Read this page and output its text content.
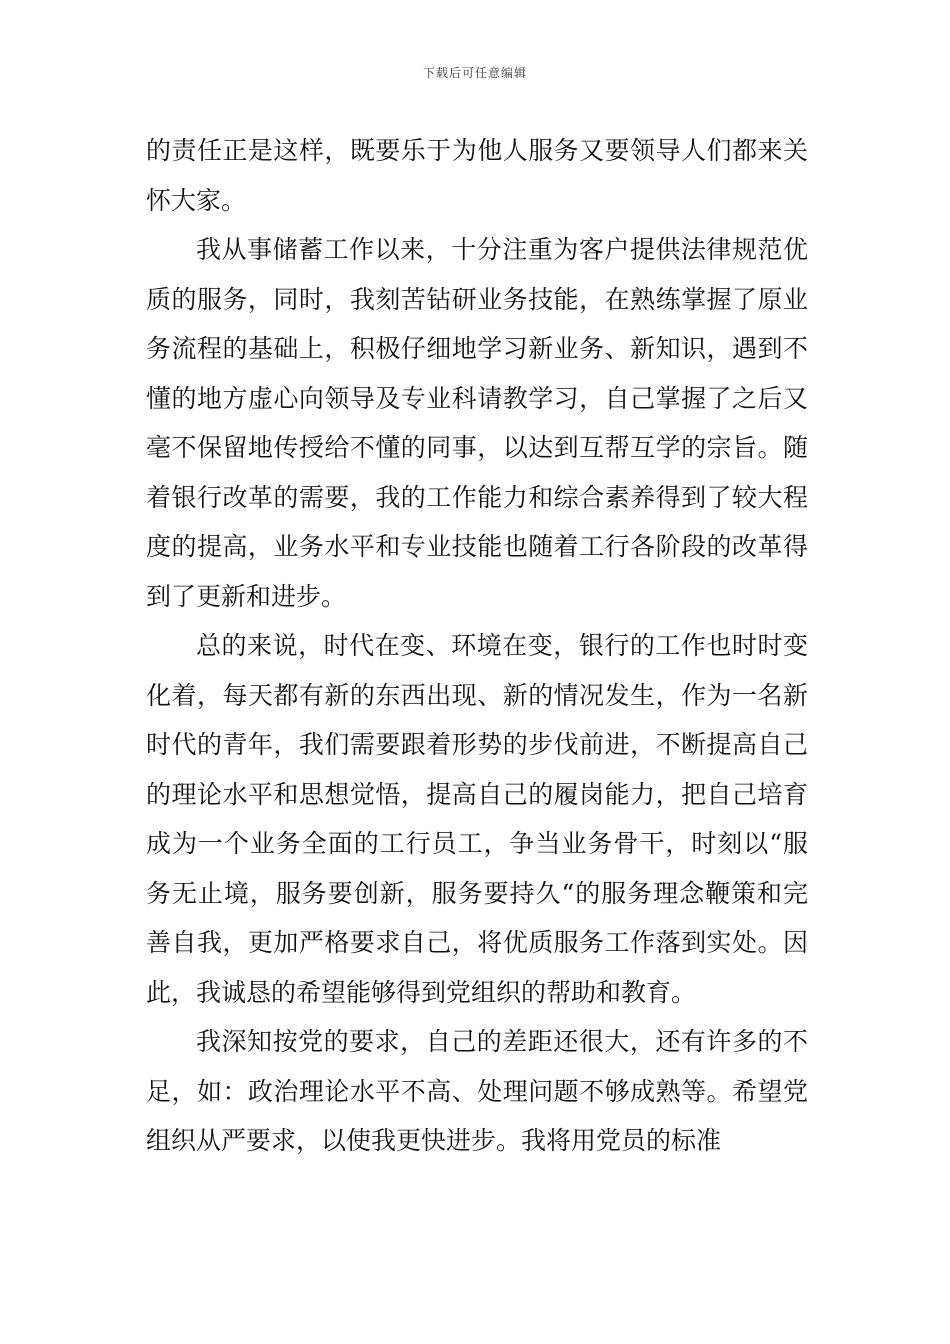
下载后可任意编辑

的责任正是这样，既要乐于为他人服务又要领导人们都来关怀大家。

我从事储蓄工作以来，十分注重为客户提供法律规范优质的服务，同时，我刻苦钻研业务技能，在熟练掌握了原业务流程的基础上，积极仔细地学习新业务、新知识，遇到不懂的地方虚心向领导及专业科请教学习，自己掌握了之后又毫不保留地传授给不懂的同事，以达到互帮互学的宗旨。随着银行改革的需要，我的工作能力和综合素养得到了较大程度的提高，业务水平和专业技能也随着工行各阶段的改革得到了更新和进步。

总的来说，时代在变、环境在变，银行的工作也时时变化着，每天都有新的东西出现、新的情况发生，作为一名新时代的青年，我们需要跟着形势的步伐前进，不断提高自己的理论水平和思想觉悟，提高自己的履岗能力，把自己培育成为一个业务全面的工行员工，争当业务骨干，时刻以“服务无止境，服务要创新，服务要持久“的服务理念鞭策和完善自我，更加严格要求自己，将优质服务工作落到实处。因此，我诚恳的希望能够得到党组织的帮助和教育。

我深知按党的要求，自己的差距还很大，还有许多的不足，如：政治理论水平不高、处理问题不够成熟等。希望党组织从严要求，以使我更快进步。我将用党员的标准
